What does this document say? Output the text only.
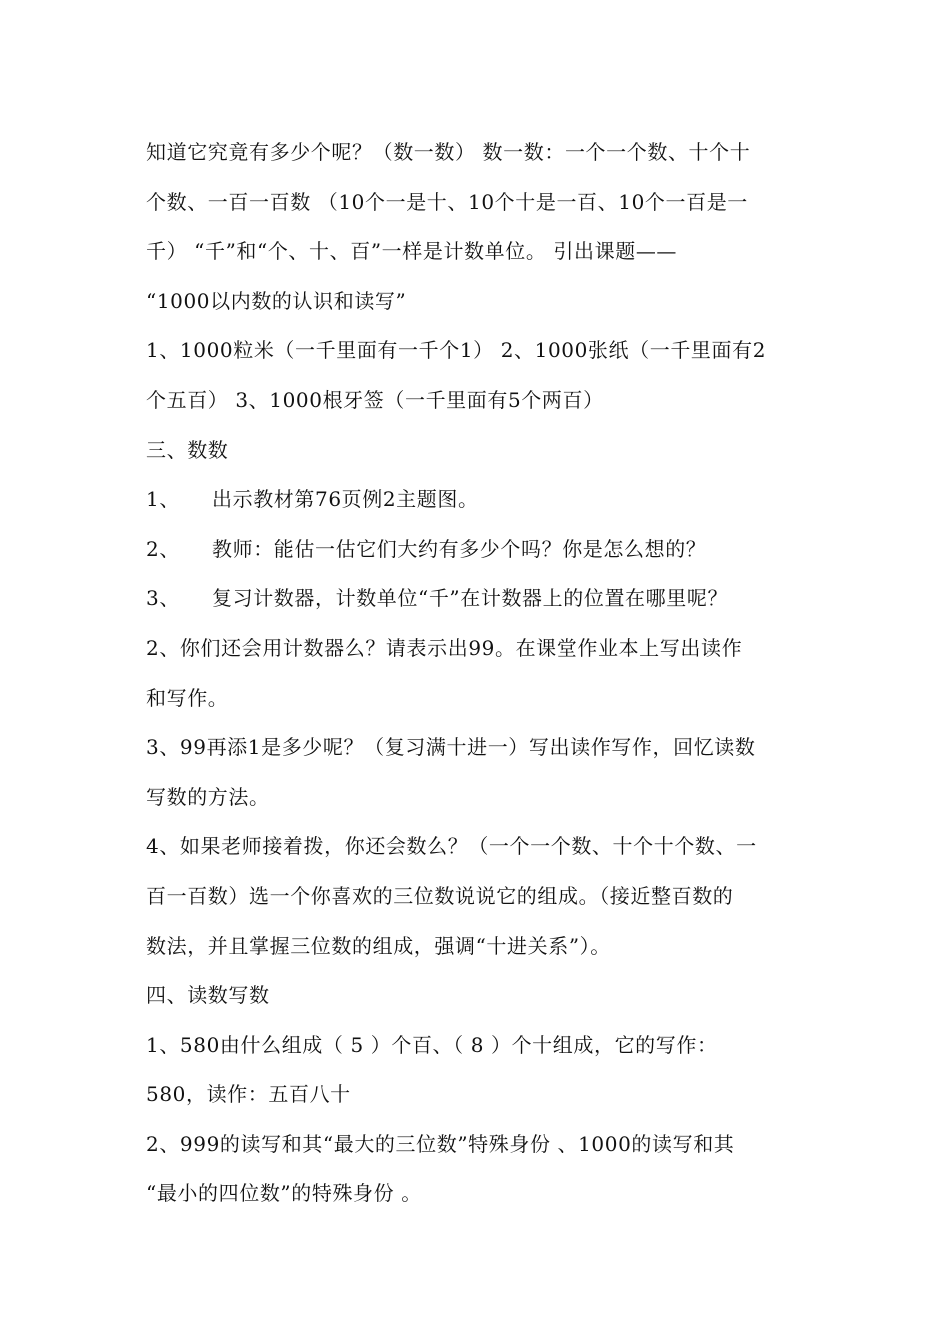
知道它究竟有多少个呢？（数一数） 数一数：一个一个数、十个十
个数、一百一百数 （10个一是十、10个十是一百、10个一百是一
千） “千”和“个、十、百”一样是计数单位。 引出课题——
“1000以内数的认识和读写”
1、1000粒米（一千里面有一千个1） 2、1000张纸（一千里面有2
个五百） 3、1000根牙签（一千里面有5个两百）
三、数数
1、	出示教材第76页例2主题图。
2、	教师：能估一估它们大约有多少个吗？你是怎么想的？
3、	复习计数器，计数单位“千”在计数器上的位置在哪里呢？
2、你们还会用计数器么？请表示出99。在课堂作业本上写出读作
和写作。
3、99再添1是多少呢？（复习满十进一）写出读作写作，回忆读数
写数的方法。
4、如果老师接着拨，你还会数么？（一个一个数、十个十个数、一
百一百数）选一个你喜欢的三位数说说它的组成。（接近整百数的
数法，并且掌握三位数的组成，强调“十进关系”）。
四、读数写数
1、580由什么组成（ 5 ）个百、（ 8 ）个十组成，它的写作：
580，读作：五百八十
2、999的读写和其“最大的三位数”特殊身份 、1000的读写和其
“最小的四位数”的特殊身份 。
